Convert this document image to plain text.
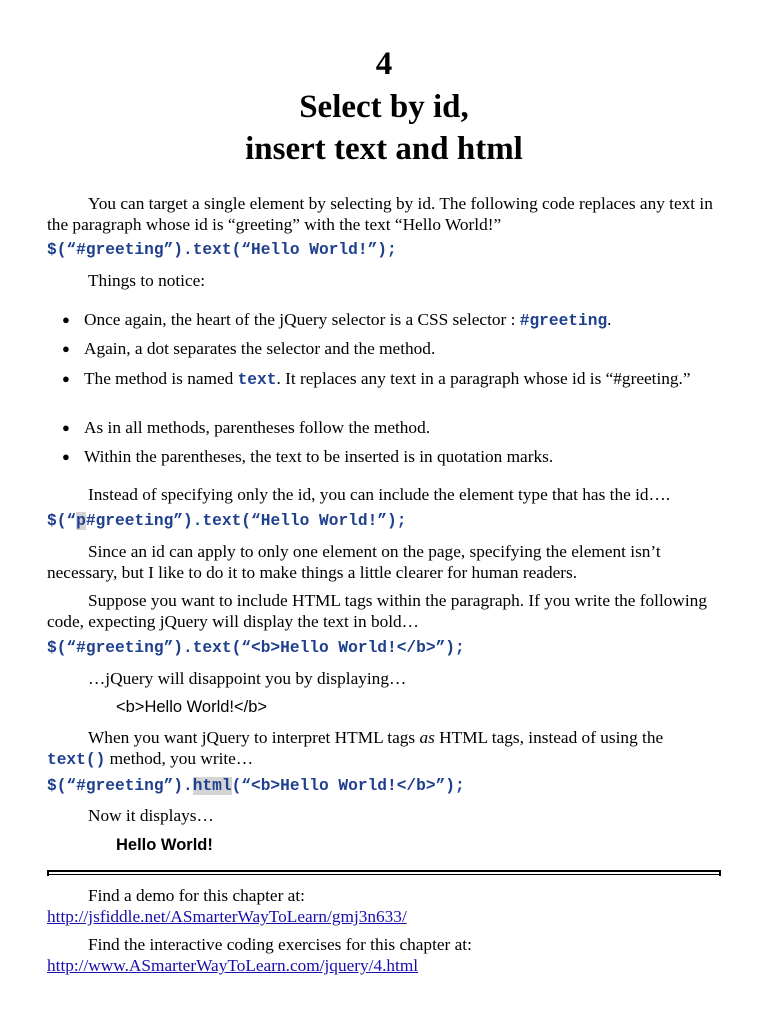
4
Select by id,
insert text and html

You can target a single element by selecting by id. The following code replaces any text in the paragraph whose id is “greeting” with the text “Hello World!”

$(“#greeting”).text(“Hello World!”);

Things to notice:

● Once again, the heart of the jQuery selector is a CSS selector : #greeting.

● Again, a dot separates the selector and the method.

● The method is named text. It replaces any text in a paragraph whose id is “#greeting.”

● As in all methods, parentheses follow the method.

● Within the parentheses, the text to be inserted is in quotation marks.

Instead of specifying only the id, you can include the element type that has the id….

$(“p#greeting”).text(“Hello World!”);

Since an id can apply to only one element on the page, specifying the element isn’t necessary, but I like to do it to make things a little clearer for human readers.

Suppose you want to include HTML tags within the paragraph. If you write the following code, expecting jQuery will display the text in bold…

$(“#greeting”).text(“<b>Hello World!</b>”);

…jQuery will disappoint you by displaying…

<b>Hello World!</b>

When you want jQuery to interpret HTML tags as HTML tags, instead of using the text() method, you write…

$(“#greeting”).html(“<b>Hello World!</b>”);

Now it displays…

Hello World!

Find a demo for this chapter at:

http://jsfiddle.net/ASmarterWayToLearn/gmj3n633/

Find the interactive coding exercises for this chapter at:

http://www.ASmarterWayToLearn.com/jquery/4.html
